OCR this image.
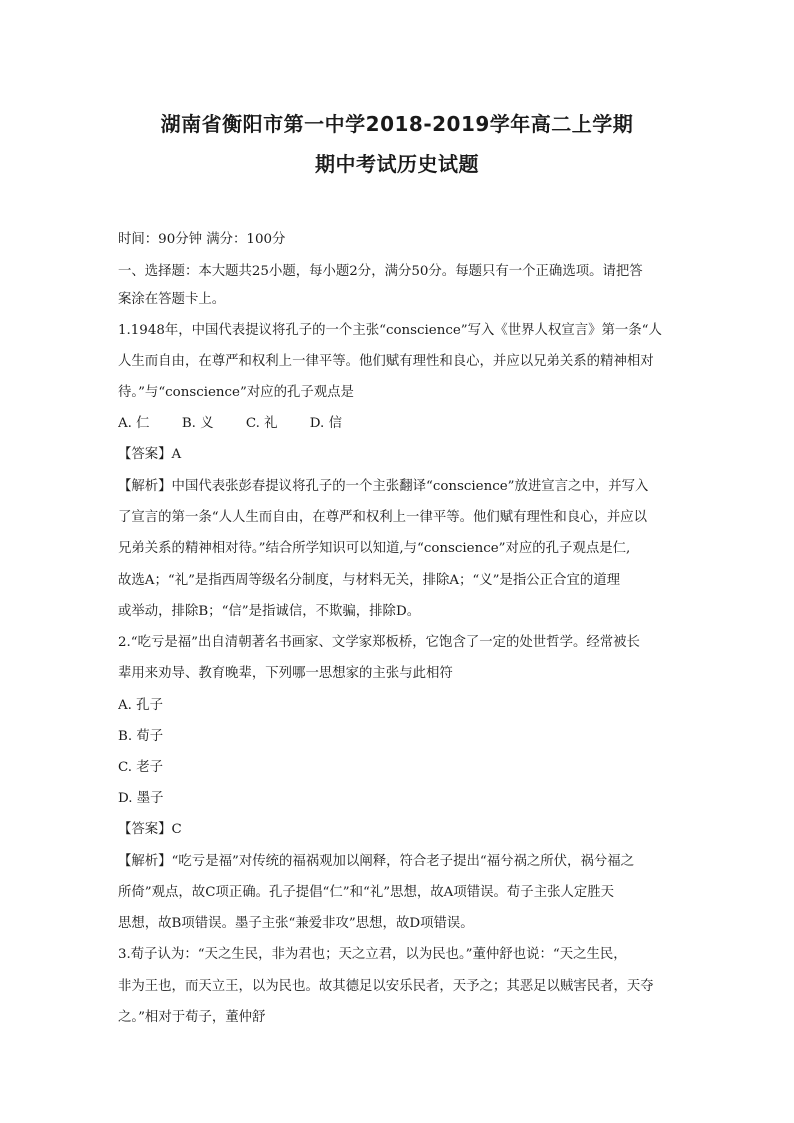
湖南省衡阳市第一中学2018-2019学年高二上学期
期中考试历史试题
时间：90分钟 满分：100分
一、选择题：本大题共25小题，每小题2分，满分50分。每题只有一个正确选项。请把答
案涂在答题卡上。
1.1948年，中国代表提议将孔子的一个主张“conscience”写入《世界人权宣言》第一条“人
人生而自由，在尊严和权利上一律平等。他们赋有理性和良心，并应以兄弟关系的精神相对
待。”与“conscience”对应的孔子观点是
A. 仁 B. 义 C. 礼 D. 信
【答案】A
【解析】中国代表张彭春提议将孔子的一个主张翻译“conscience”放进宣言之中，并写入
了宣言的第一条“人人生而自由，在尊严和权利上一律平等。他们赋有理性和良心，并应以
兄弟关系的精神相对待。”结合所学知识可以知道,与“conscience”对应的孔子观点是仁,
故选A；“礼”是指西周等级名分制度，与材料无关，排除A；“义”是指公正合宜的道理
或举动，排除B；“信”是指诚信，不欺骗，排除D。
2.“吃亏是福”出自清朝著名书画家、文学家郑板桥，它饱含了一定的处世哲学。经常被长
辈用来劝导、教育晚辈，下列哪一思想家的主张与此相符
A. 孔子
B. 荀子
C. 老子
D. 墨子
【答案】C
【解析】“吃亏是福”对传统的福祸观加以阐释，符合老子提出“福兮祸之所伏，祸兮福之
所倚”观点，故C项正确。孔子提倡“仁”和“礼”思想，故A项错误。荀子主张人定胜天
思想，故B项错误。墨子主张“兼爱非攻”思想，故D项错误。
3.荀子认为：“天之生民，非为君也；天之立君，以为民也。”董仲舒也说：“天之生民，
非为王也，而天立王，以为民也。故其德足以安乐民者，天予之；其恶足以贼害民者，天夺
之。”相对于荀子，董仲舒
